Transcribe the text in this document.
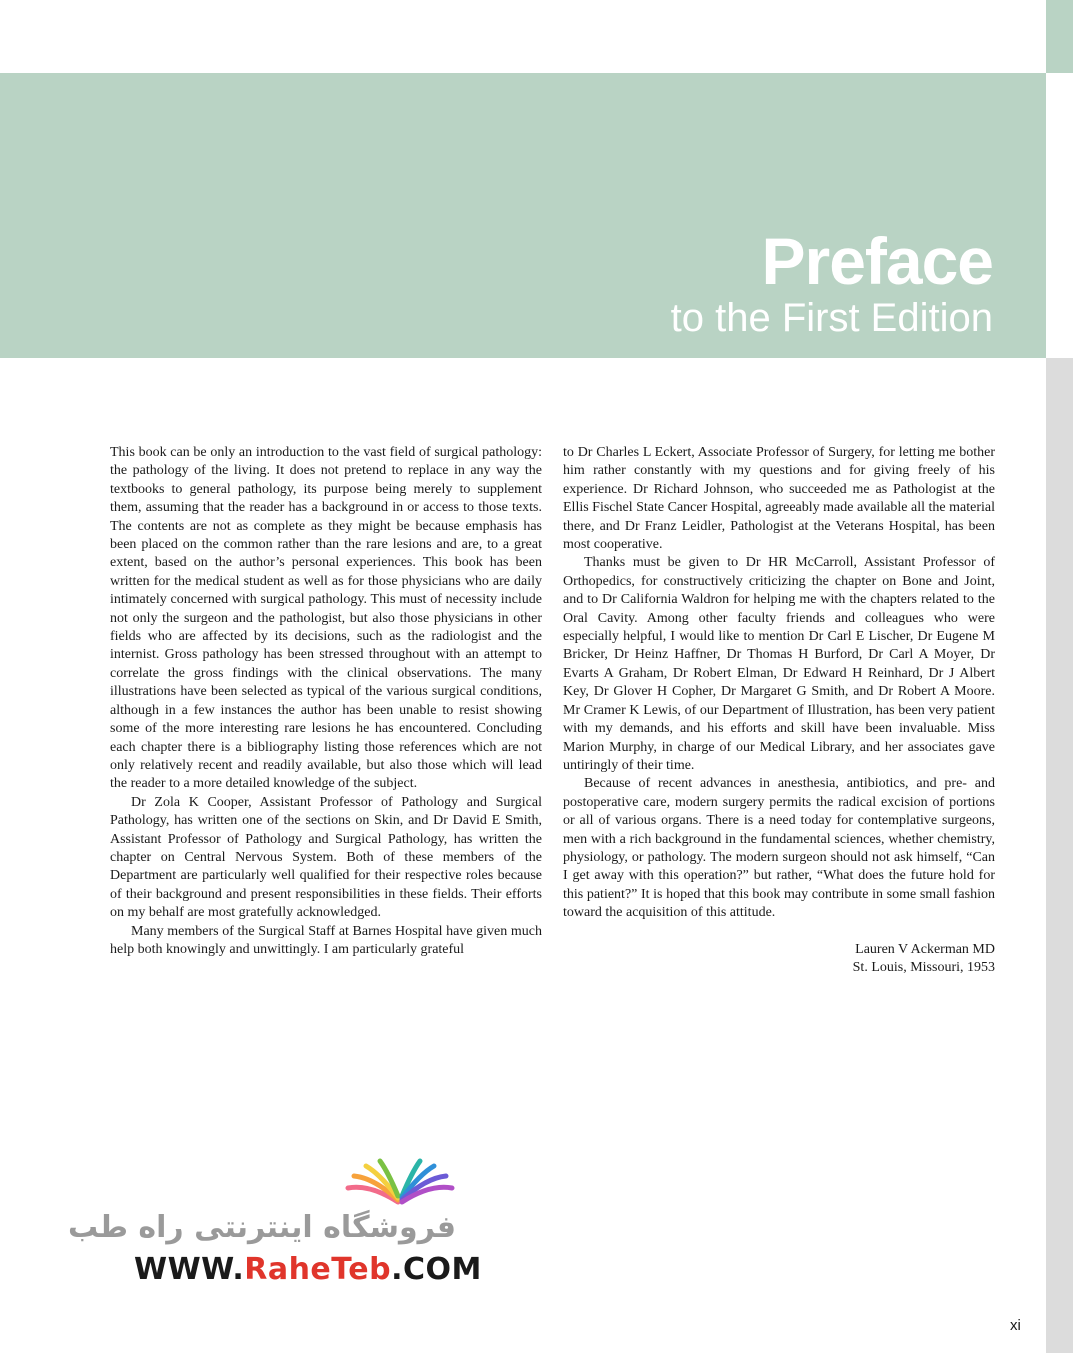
Preface
to the First Edition

This book can be only an introduction to the vast field of surgical pathology: the pathology of the living. It does not pretend to replace in any way the textbooks to general pathology, its purpose being merely to supplement them, assuming that the reader has a background in or access to those texts. The contents are not as complete as they might be because emphasis has been placed on the common rather than the rare lesions and are, to a great extent, based on the author’s personal experiences. This book has been written for the medical student as well as for those physicians who are daily intimately concerned with surgical pathology. This must of necessity include not only the surgeon and the pathologist, but also those physicians in other fields who are affected by its decisions, such as the radiologist and the internist. Gross pathology has been stressed throughout with an attempt to correlate the gross findings with the clinical observations. The many illustrations have been selected as typical of the various surgical conditions, although in a few instances the author has been unable to resist showing some of the more interesting rare lesions he has encountered. Concluding each chapter there is a bibliography listing those references which are not only relatively recent and readily available, but also those which will lead the reader to a more detailed knowledge of the subject.

Dr Zola K Cooper, Assistant Professor of Pathology and Surgical Pathology, has written one of the sections on Skin, and Dr David E Smith, Assistant Professor of Pathology and Surgical Pathology, has written the chapter on Central Nervous System. Both of these members of the Department are particularly well qualified for their respective roles because of their background and present responsibilities in these fields. Their efforts on my behalf are most gratefully acknowledged.

Many members of the Surgical Staff at Barnes Hospital have given much help both knowingly and unwittingly. I am particularly grateful

to Dr Charles L Eckert, Associate Professor of Surgery, for letting me bother him rather constantly with my questions and for giving freely of his experience. Dr Richard Johnson, who succeeded me as Pathologist at the Ellis Fischel State Cancer Hospital, agreeably made available all the material there, and Dr Franz Leidler, Pathologist at the Veterans Hospital, has been most cooperative.

Thanks must be given to Dr HR McCarroll, Assistant Professor of Orthopedics, for constructively criticizing the chapter on Bone and Joint, and to Dr California Waldron for helping me with the chapters related to the Oral Cavity. Among other faculty friends and colleagues who were especially helpful, I would like to mention Dr Carl E Lischer, Dr Eugene M Bricker, Dr Heinz Haffner, Dr Thomas H Burford, Dr Carl A Moyer, Dr Evarts A Graham, Dr Robert Elman, Dr Edward H Reinhard, Dr J Albert Key, Dr Glover H Copher, Dr Margaret G Smith, and Dr Robert A Moore. Mr Cramer K Lewis, of our Department of Illustration, has been very patient with my demands, and his efforts and skill have been invaluable. Miss Marion Murphy, in charge of our Medical Library, and her associates gave untiringly of their time.

Because of recent advances in anesthesia, antibiotics, and pre- and postoperative care, modern surgery permits the radical excision of portions or all of various organs. There is a need today for contemplative surgeons, men with a rich background in the fundamental sciences, whether chemistry, physiology, or pathology. The modern surgeon should not ask himself, “Can I get away with this operation?” but rather, “What does the future hold for this patient?” It is hoped that this book may contribute in some small fashion toward the acquisition of this attitude.

Lauren V Ackerman MD
St. Louis, Missouri, 1953
فروشگاه اینترنتی راه طب
WWW.RaheTeb.COM
xi
